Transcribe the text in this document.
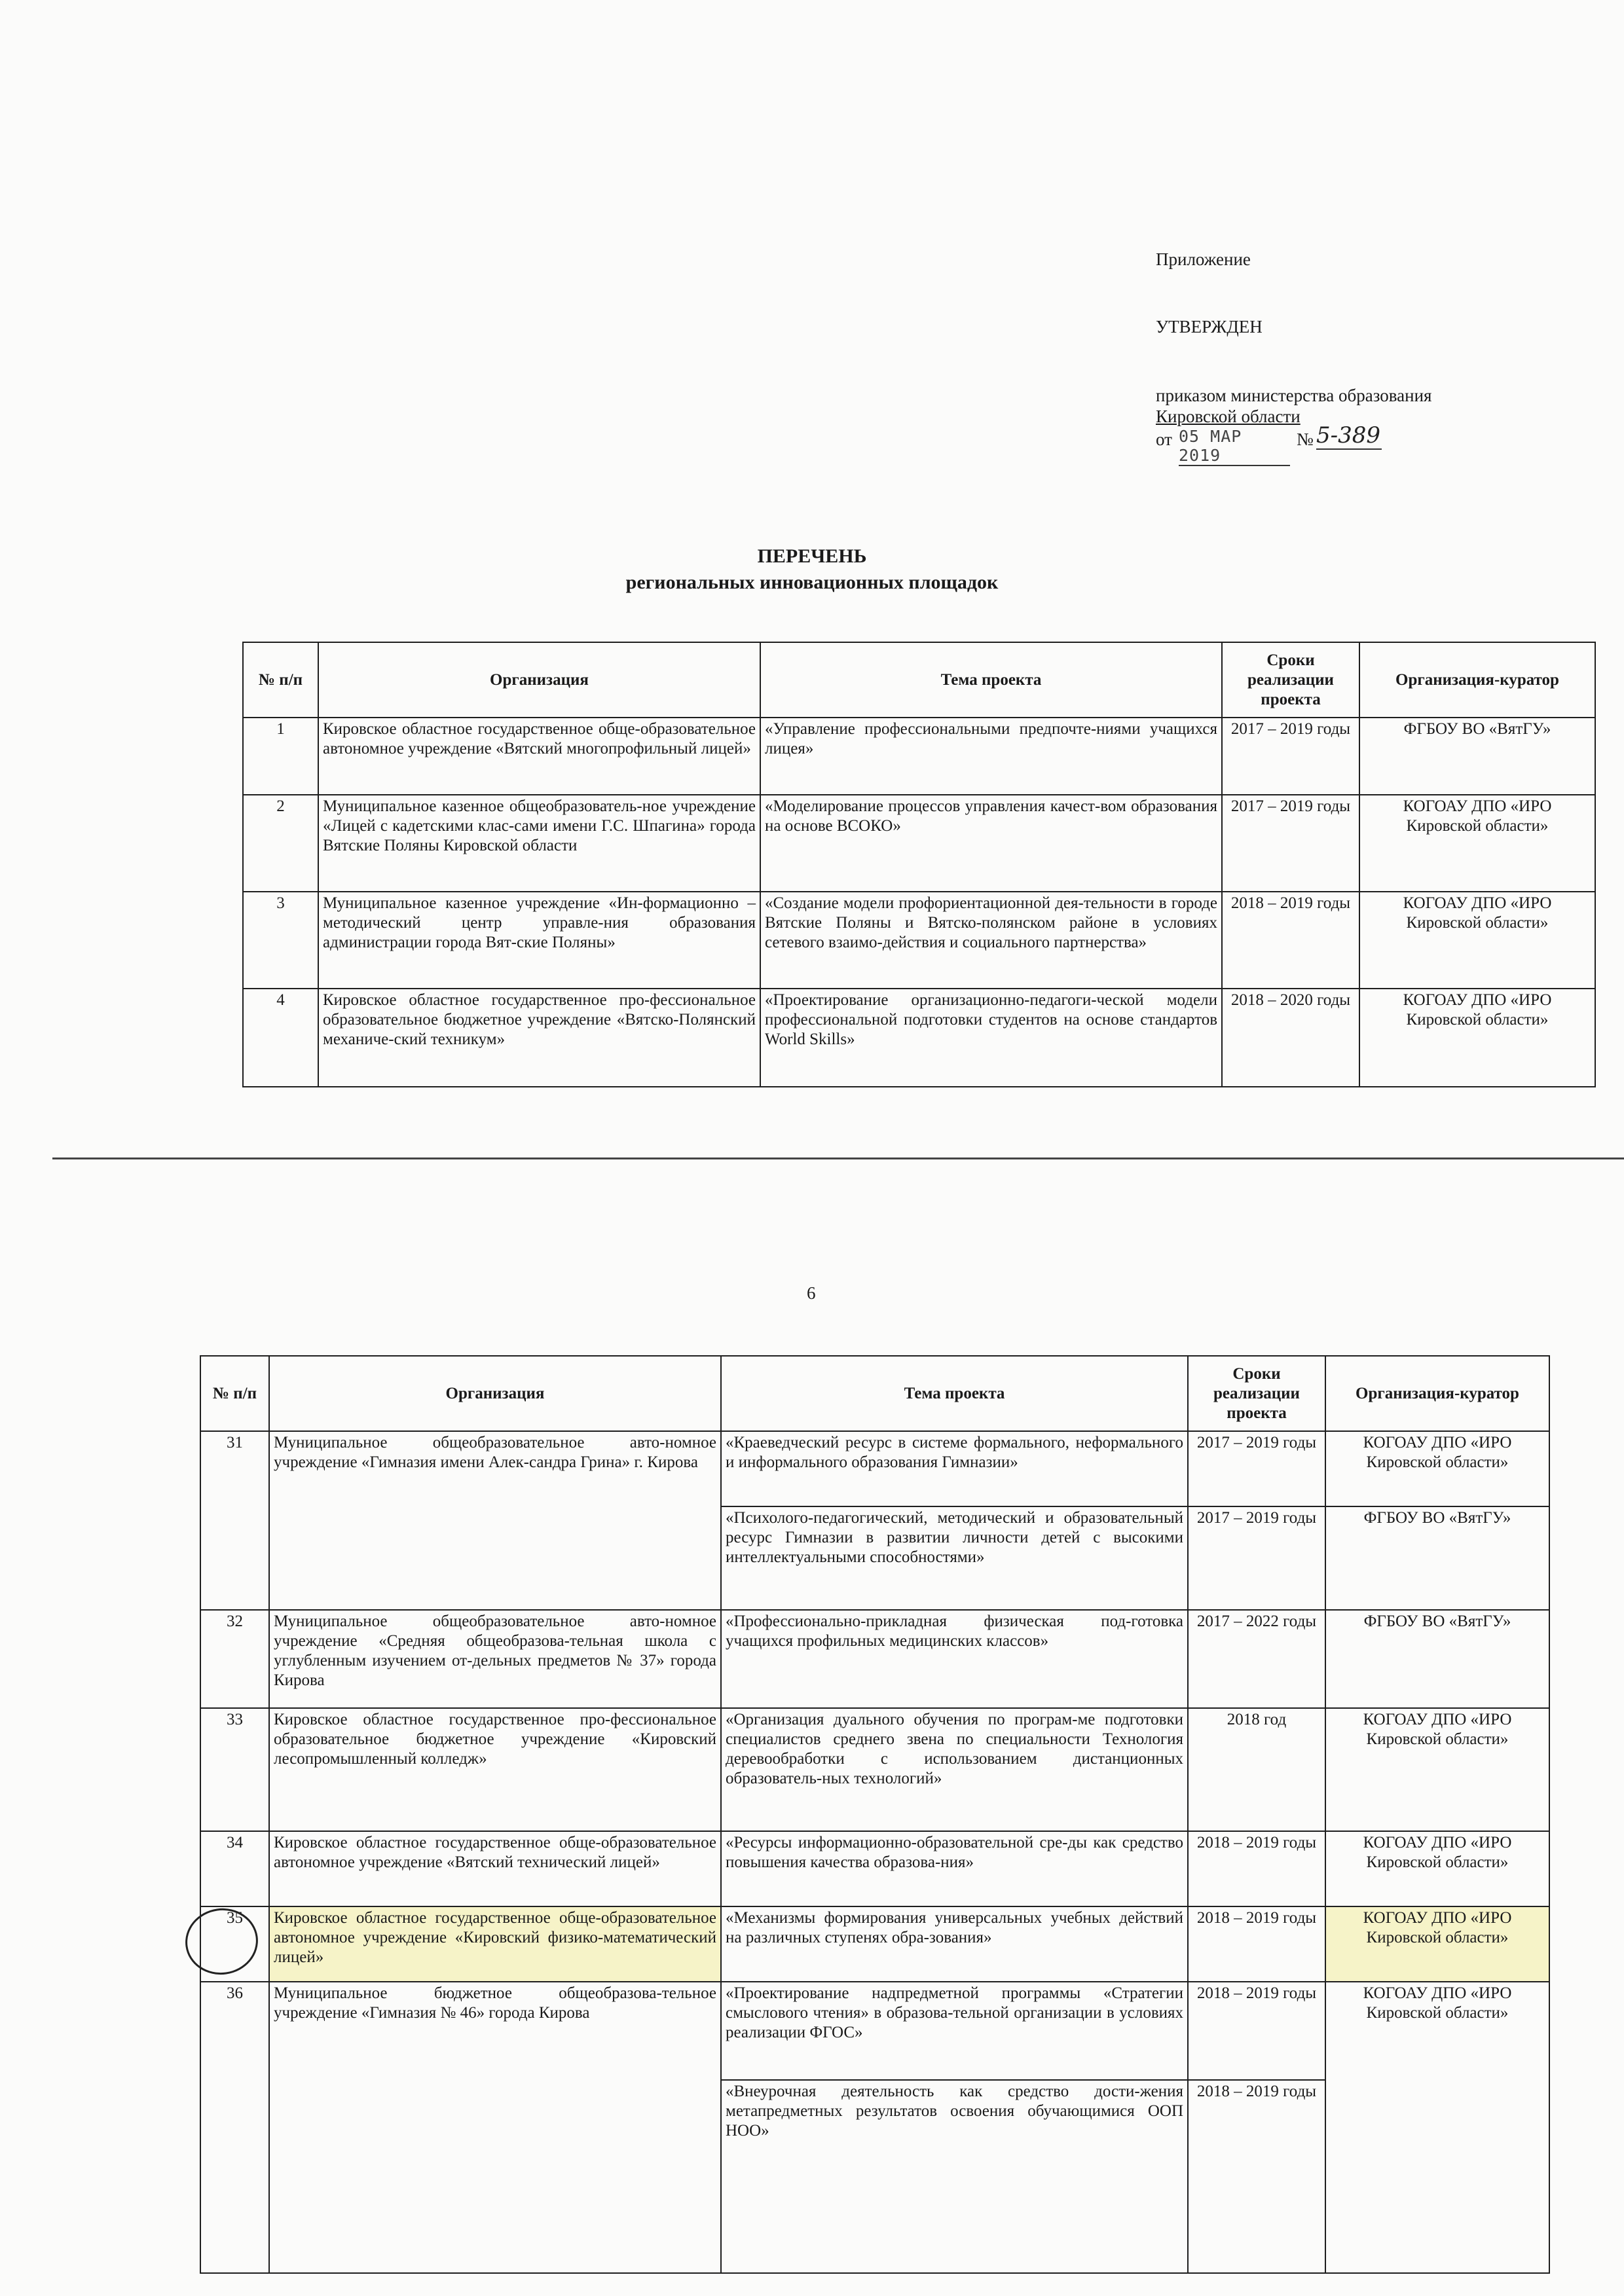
Приложение
УТВЕРЖДЕН
приказом министерства образования
Кировской области
от 05 МАР 2019
№ 5-389
ПЕРЕЧЕНЬ
региональных инновационных площадок
№ п/п	Организация	Тема проекта	Сроки реализации проекта	Организация-куратор
1	Кировское областное государственное обще-образовательное автономное учреждение «Вятский многопрофильный лицей»	«Управление профессиональными предпочте-ниями учащихся лицея»	2017 – 2019 годы	ФГБОУ ВО «ВятГУ»
2	Муниципальное казенное общеобразователь-ное учреждение «Лицей с кадетскими клас-сами имени Г.С. Шпагина» города Вятские Поляны Кировской области	«Моделирование процессов управления качест-вом образования на основе ВСОКО»	2017 – 2019 годы	КОГОАУ ДПО «ИРО Кировской области»
3	Муниципальное казенное учреждение «Ин-формационно – методический центр управле-ния образования администрации города Вят-ские Поляны»	«Создание модели профориентационной дея-тельности в городе Вятские Поляны и Вятско-полянском районе в условиях сетевого взаимо-действия и социального партнерства»	2018 – 2019 годы	КОГОАУ ДПО «ИРО Кировской области»
4	Кировское областное государственное про-фессиональное образовательное бюджетное учреждение «Вятско-Полянский механиче-ский техникум»	«Проектирование организационно-педагоги-ческой модели профессиональной подготовки студентов на основе стандартов World Skills»	2018 – 2020 годы	КОГОАУ ДПО «ИРО Кировской области»
6
№ п/п	Организация	Тема проекта	Сроки реализации проекта	Организация-куратор
31	Муниципальное общеобразовательное авто-номное учреждение «Гимназия имени Алек-сандра Грина» г. Кирова	«Краеведческий ресурс в системе формального, неформального и информального образования Гимназии»	2017 – 2019 годы	КОГОАУ ДПО «ИРО Кировской области»
		«Психолого-педагогический, методический и образовательный ресурс Гимназии в развитии личности детей с высокими интеллектуальными способностями»	2017 – 2019 годы	ФГБОУ ВО «ВятГУ»
32	Муниципальное общеобразовательное авто-номное учреждение «Средняя общеобразова-тельная школа с углубленным изучением от-дельных предметов № 37» города Кирова	«Профессионально-прикладная физическая под-готовка учащихся профильных медицинских классов»	2017 – 2022 годы	ФГБОУ ВО «ВятГУ»
33	Кировское областное государственное про-фессиональное образовательное бюджетное учреждение «Кировский лесопромышленный колледж»	«Организация дуального обучения по програм-ме подготовки специалистов среднего звена по специальности Технология деревообработки с использованием дистанционных образователь-ных технологий»	2018 год	КОГОАУ ДПО «ИРО Кировской области»
34	Кировское областное государственное обще-образовательное автономное учреждение «Вятский технический лицей»	«Ресурсы информационно-образовательной сре-ды как средство повышения качества образова-ния»	2018 – 2019 годы	КОГОАУ ДПО «ИРО Кировской области»
35	Кировское областное государственное обще-образовательное автономное учреждение «Кировский физико-математический лицей»	«Механизмы формирования универсальных учебных действий на различных ступенях обра-зования»	2018 – 2019 годы	КОГОАУ ДПО «ИРО Кировской области»
36	Муниципальное бюджетное общеобразова-тельное учреждение «Гимназия № 46» города Кирова	«Проектирование надпредметной программы «Стратегии смыслового чтения» в образова-тельной организации в условиях реализации ФГОС»	2018 – 2019 годы	КОГОАУ ДПО «ИРО Кировской области»
		«Внеурочная деятельность как средство дости-жения метапредметных результатов освоения обучающимися ООП НОО»	2018 – 2019 годы	
